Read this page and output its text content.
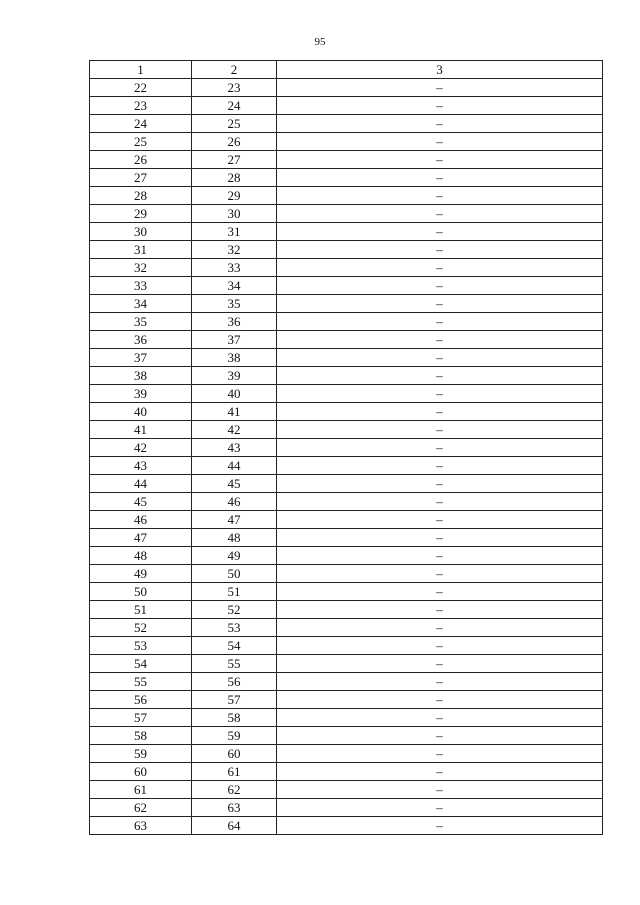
95
1	2	3
22	23	–
23	24	–
24	25	–
25	26	–
26	27	–
27	28	–
28	29	–
29	30	–
30	31	–
31	32	–
32	33	–
33	34	–
34	35	–
35	36	–
36	37	–
37	38	–
38	39	–
39	40	–
40	41	–
41	42	–
42	43	–
43	44	–
44	45	–
45	46	–
46	47	–
47	48	–
48	49	–
49	50	–
50	51	–
51	52	–
52	53	–
53	54	–
54	55	–
55	56	–
56	57	–
57	58	–
58	59	–
59	60	–
60	61	–
61	62	–
62	63	–
63	64	–
